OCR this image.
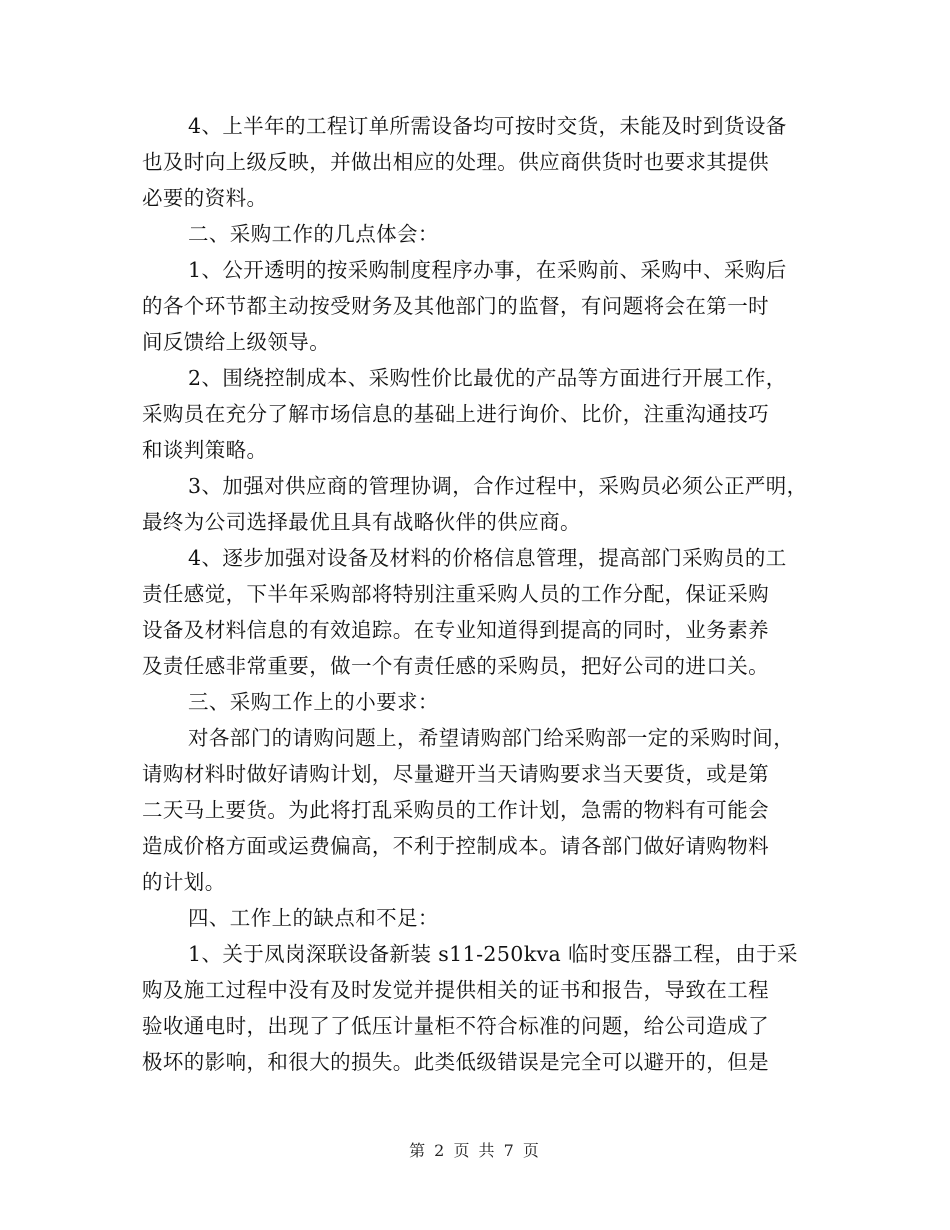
4、上半年的工程订单所需设备均可按时交货，未能及时到货设备
也及时向上级反映，并做出相应的处理。供应商供货时也要求其提供
必要的资料。
二、采购工作的几点体会：
1、公开透明的按采购制度程序办事，在采购前、采购中、采购后
的各个环节都主动按受财务及其他部门的监督，有问题将会在第一时
间反馈给上级领导。
2、围绕控制成本、采购性价比最优的产品等方面进行开展工作，
采购员在充分了解市场信息的基础上进行询价、比价，注重沟通技巧
和谈判策略。
3、加强对供应商的管理协调，合作过程中，采购员必须公正严明，
最终为公司选择最优且具有战略伙伴的供应商。
4、逐步加强对设备及材料的价格信息管理，提高部门采购员的工
责任感觉，下半年采购部将特别注重采购人员的工作分配，保证采购
设备及材料信息的有效追踪。在专业知道得到提高的同时，业务素养
及责任感非常重要，做一个有责任感的采购员，把好公司的进口关。
三、采购工作上的小要求：
对各部门的请购问题上，希望请购部门给采购部一定的采购时间，
请购材料时做好请购计划，尽量避开当天请购要求当天要货，或是第
二天马上要货。为此将打乱采购员的工作计划，急需的物料有可能会
造成价格方面或运费偏高，不利于控制成本。请各部门做好请购物料
的计划。
四、工作上的缺点和不足：
1、关于凤岗深联设备新装 s11-250kva 临时变压器工程，由于采
购及施工过程中没有及时发觉并提供相关的证书和报告，导致在工程
验收通电时，出现了了低压计量柜不符合标准的问题，给公司造成了
极坏的影响，和很大的损失。此类低级错误是完全可以避开的，但是
第 2 页 共 7 页
